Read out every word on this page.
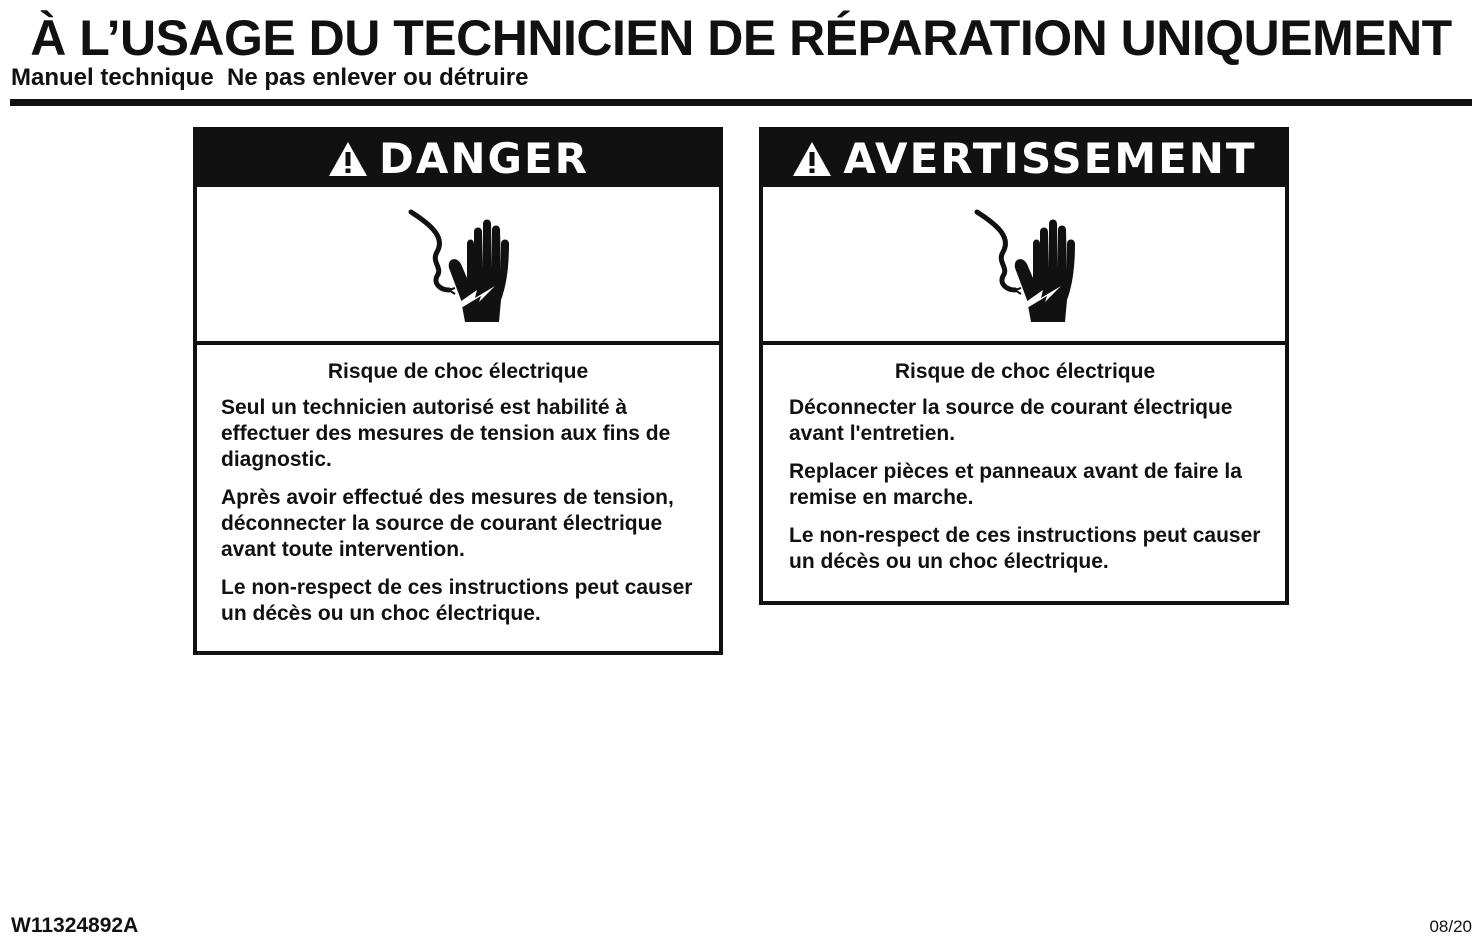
À L’USAGE DU TECHNICIEN DE RÉPARATION UNIQUEMENT
Manuel technique  Ne pas enlever ou détruire
DANGER

Risque de choc électrique

Seul un technicien autorisé est habilité à effectuer des mesures de tension aux fins de diagnostic.

Après avoir effectué des mesures de tension, déconnecter la source de courant électrique avant toute intervention.

Le non-respect de ces instructions peut causer un décès ou un choc électrique.

AVERTISSEMENT

Risque de choc électrique

Déconnecter la source de courant électrique avant l'entretien.

Replacer pièces et panneaux avant de faire la remise en marche.

Le non-respect de ces instructions peut causer un décès ou un choc électrique.

W11324892A	08/20
